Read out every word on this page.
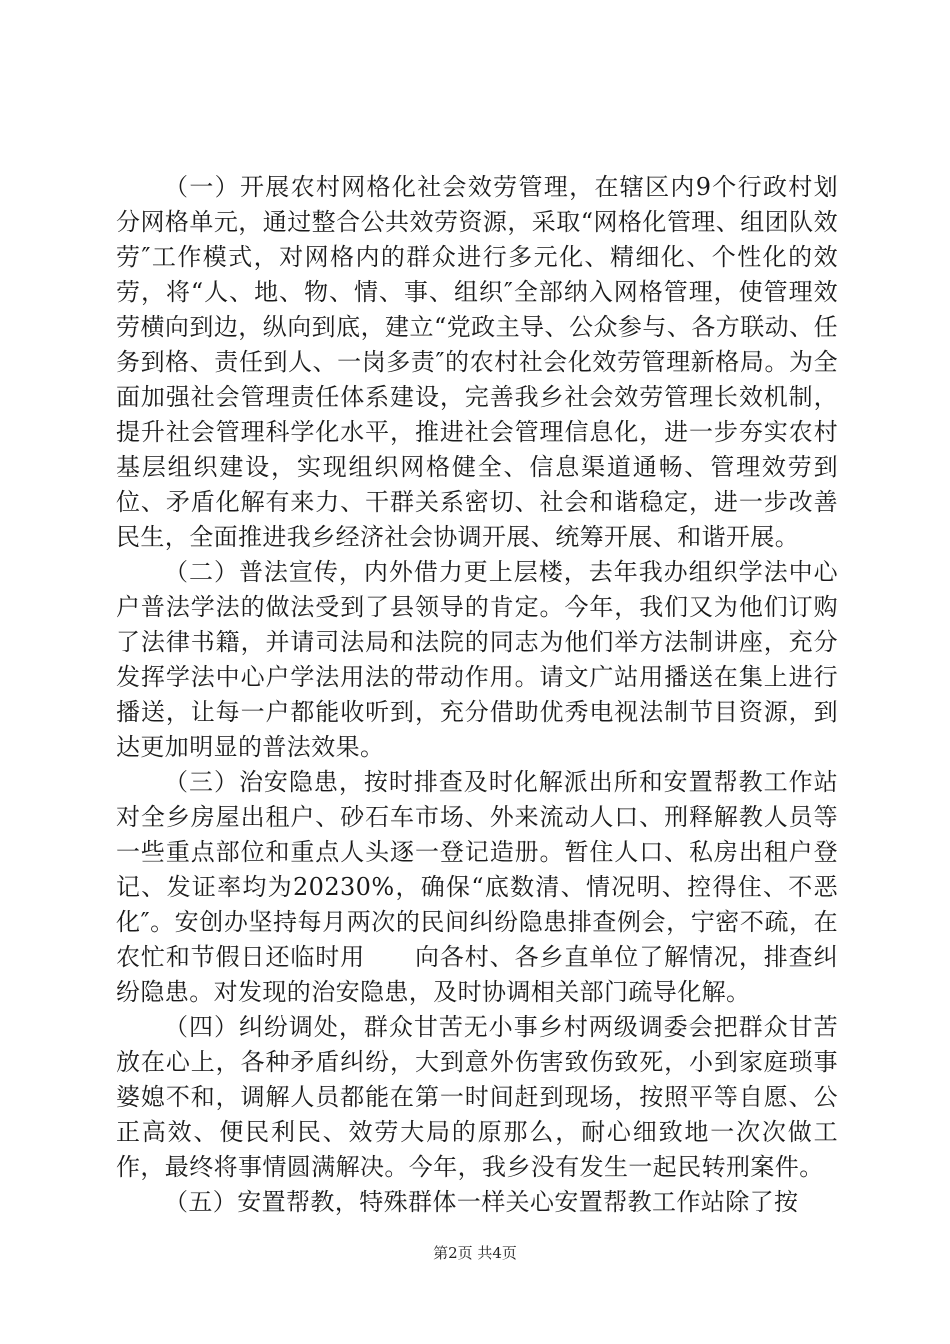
（一）开展农村网格化社会效劳管理，在辖区内9个行政村划分网格单元，通过整合公共效劳资源，采取“网格化管理、组团队效劳″工作模式，对网格内的群众进行多元化、精细化、个性化的效劳，将“人、地、物、情、事、组织″全部纳入网格管理，使管理效劳横向到边，纵向到底，建立“党政主导、公众参与、各方联动、任务到格、责任到人、一岗多责″的农村社会化效劳管理新格局。为全面加强社会管理责任体系建设，完善我乡社会效劳管理长效机制，提升社会管理科学化水平，推进社会管理信息化，进一步夯实农村基层组织建设，实现组织网格健全、信息渠道通畅、管理效劳到位、矛盾化解有来力、干群关系密切、社会和谐稳定，进一步改善民生，全面推进我乡经济社会协调开展、统筹开展、和谐开展。

（二）普法宣传，内外借力更上层楼，去年我办组织学法中心户普法学法的做法受到了县领导的肯定。今年，我们又为他们订购了法律书籍，并请司法局和法院的同志为他们举方法制讲座，充分发挥学法中心户学法用法的带动作用。请文广站用播送在集上进行播送，让每一户都能收听到，充分借助优秀电视法制节目资源，到达更加明显的普法效果。

（三）治安隐患，按时排查及时化解派出所和安置帮教工作站对全乡房屋出租户、砂石车市场、外来流动人口、刑释解教人员等一些重点部位和重点人头逐一登记造册。暂住人口、私房出租户登记、发证率均为20230%，确保“底数清、情况明、控得住、不恶化″。安创办坚持每月两次的民间纠纷隐患排查例会，宁密不疏，在农忙和节假日还临时用　　向各村、各乡直单位了解情况，排查纠纷隐患。对发现的治安隐患，及时协调相关部门疏导化解。

（四）纠纷调处，群众甘苦无小事乡村两级调委会把群众甘苦放在心上，各种矛盾纠纷，大到意外伤害致伤致死，小到家庭琐事婆媳不和，调解人员都能在第一时间赶到现场，按照平等自愿、公正高效、便民利民、效劳大局的原那么，耐心细致地一次次做工作，最终将事情圆满解决。今年，我乡没有发生一起民转刑案件。

（五）安置帮教，特殊群体一样关心安置帮教工作站除了按

第2页 共4页
